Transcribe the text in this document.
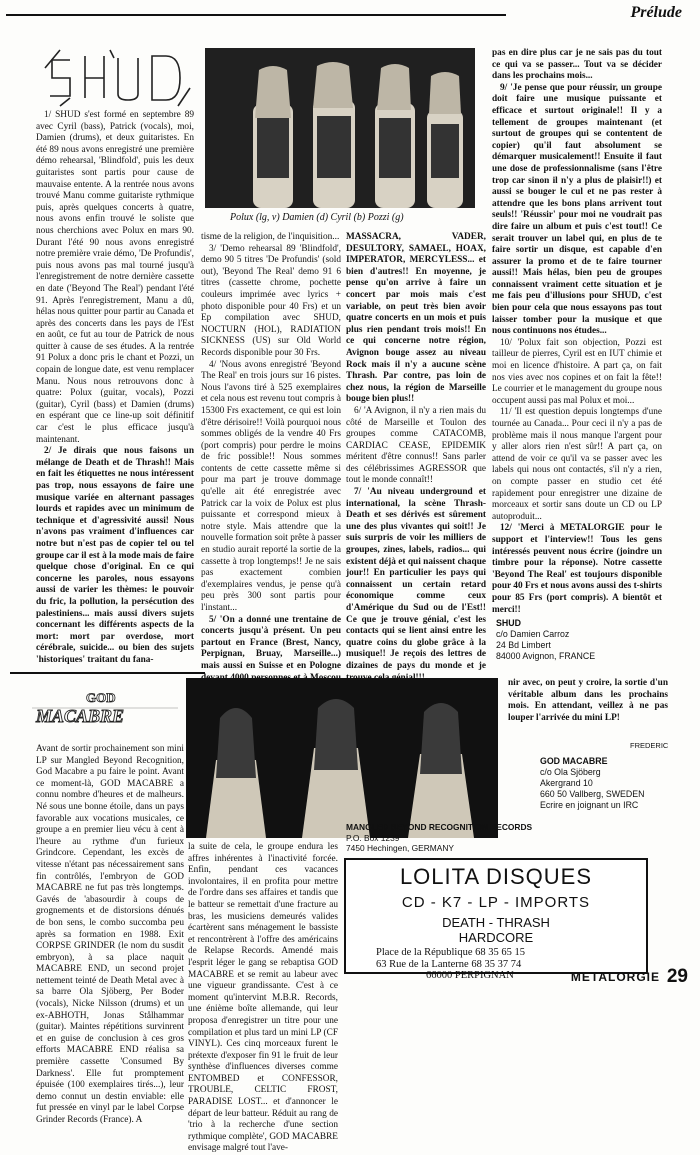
Prélude
Polux (lg, v) Damien (d) Cyril (b) Pozzi (g)

1/ SHUD s'est formé en septembre 89 avec Cyril (bass), Patrick (vocals), moi, Damien (drums), et deux guitaristes. En été 89 nous avons enregistré une première démo rehearsal, 'Blindfold', puis les deux guitaristes sont partis pour cause de mauvaise entente. A la rentrée nous avons trouvé Manu comme guitariste rythmique puis, après quelques concerts à quatre, nous avons enfin trouvé le soliste que nous cherchions avec Polux en mars 90. Durant l'été 90 nous avons enregistré notre première vraie démo, 'De Profundis', puis nous avons pas mal tourné jusqu'à l'enregistrement de notre dernière cassette en date ('Beyond The Real') pendant l'été 91. Après l'enregistrement, Manu a dû, hélas nous quitter pour partir au Canada et après des concerts dans les pays de l'Est en août, ce fut au tour de Patrick de nous quitter à cause de ses études. A la rentrée 91 Polux a donc pris le chant et Pozzi, un copain de longue date, est venu remplacer Manu. Nous nous retrouvons donc à quatre: Polux (guitar, vocals), Pozzi (guitar), Cyril (bass) et Damien (drums) en espérant que ce line-up soit définitif car c'est le plus efficace jusqu'à maintenant.

2/ Je dirais que nous faisons un mélange de Death et de Thrash!! Mais en fait les étiquettes ne nous intéressent pas trop, nous essayons de faire une musique variée en alternant passages lourds et rapides avec un minimum de technique et d'agressivité aussi! Nous n'avons pas vraiment d'influences car notre but n'est pas de copier tel ou tel groupe car il est à la mode mais de faire quelque chose d'original. En ce qui concerne les paroles, nous essayons aussi de varier les thèmes: le pouvoir du fric, la pollution, la persécution des palestiniens... mais aussi divers sujets concernant les différents aspects de la mort: mort par overdose, mort cérébrale, suicide... ou bien des sujets 'historiques' traitant du fana-

tisme de la religion, de l'inquisition...

3/ 'Demo rehearsal 89 'Blindfold', demo 90 5 titres 'De Profundis' (sold out), 'Beyond The Real' demo 91 6 titres (cassette chrome, pochette couleurs imprimée avec lyrics + photo disponible pour 40 Frs) et un Ep compilation avec SHUD, NOCTURN (HOL), RADIATION SICKNESS (US) sur Old World Records disponible pour 30 Frs.

4/ 'Nous avons enregistré 'Beyond The Real' en trois jours sur 16 pistes. Nous l'avons tiré à 525 exemplaires et cela nous est revenu tout compris à 15300 Frs exactement, ce qui est loin d'être dérisoire!! Voilà pourquoi nous sommes obligés de la vendre 40 Frs (port compris) pour perdre le moins de fric possible!! Nous sommes contents de cette cassette même si pour ma part je trouve dommage qu'elle ait été enregistrée avec Patrick car la voix de Polux est plus puissante et correspond mieux à notre style. Mais attendre que la nouvelle formation soit prête à passer en studio aurait reporté la sortie de la cassette à trop longtemps!! Je ne sais pas exactement combien d'exemplaires vendus, je pense qu'à peu près 300 sont partis pour l'instant...

5/ 'On a donné une trentaine de concerts jusqu'à présent. Un peu partout en France (Brest, Nancy, Perpignan, Bruay, Marseille...) mais aussi en Suisse et en Pologne

MASSACRA, VADER, DESULTORY, SAMAEL, HOAX, IMPERATOR, MERCYLESS... et bien d'autres!! En moyenne, je pense qu'on arrive à faire un concert par mois mais c'est variable, on peut très bien avoir quatre concerts en un mois et puis plus rien pendant trois mois!! En ce qui concerne notre région, Avignon bouge assez au niveau Rock mais il n'y a aucune scène Thrash. Par contre, pas loin de chez nous, la région de Marseille bouge bien plus!!

6/ 'A Avignon, il n'y a rien mais du côté de Marseille et Toulon des groupes comme CATACOMB, CARDIAC CEASE, EPIDEMIK méritent d'être connus!! Sans parler des célébrissimes AGRESSOR que tout le monde connaît!!

7/ 'Au niveau underground et international, la scène Thrash-Death et ses dérivés est sûrement une des plus vivantes qui soit!! Je suis surpris de voir les milliers de groupes, zines, labels, radios... qui existent déjà et qui naissent chaque jour!! En particulier les pays qui connaissent un certain retard économique comme ceux d'Amérique du Sud ou de l'Est!! Ce que je trouve génial, c'est les contacts qui se lient ainsi entre les quatre coins du globe grâce à la musique!! Je reçois des lettres de dizaines de pays du monde et je

pas en dire plus car je ne sais pas du tout ce qui va se passer... Tout va se décider dans les prochains mois...

9/ 'Je pense que pour réussir, un groupe doit faire une musique puissante et efficace et surtout originale!! Il y a tellement de groupes maintenant (et surtout de groupes qui se contentent de copier) qu'il faut absolument se démarquer musicalement!! Ensuite il faut une dose de professionnalisme (sans l'être trop car sinon il n'y a plus de plaisir!!) et aussi se bouger le cul et ne pas rester à attendre que les bons plans arrivent tout seuls!! 'Réussir' pour moi ne voudrait pas dire faire un album et puis c'est tout!! Ce serait trouver un label qui, en plus de te faire sortir un disque, est capable d'en assurer la promo et de te faire tourner aussi!! Mais hélas, bien peu de groupes connaissent vraiment cette situation et je me fais peu d'illusions pour SHUD, c'est bien pour cela que nous essayons pas tout laisser tomber pour la musique et que nous continuons nos études...

10/ 'Polux fait son objection, Pozzi est tailleur de pierres, Cyril est en IUT chimie et moi en licence d'histoire. A part ça, on fait nos vies avec nos copines et on fait la fête!! Le courrier et le management du groupe nous occupent aussi pas mal Polux et moi...

11/ 'Il est question depuis longtemps d'une tournée au Canada... Pour ceci il n'y a pas de problème mais il nous manque l'argent pour y aller alors rien n'est sûr!! A part ça, on attend de voir ce qu'il va se passer avec les labels qui nous ont contactés, s'il n'y a rien, on compte passer en studio cet été rapidement pour enregistrer une dizaine de morceaux et sortir sans doute un CD ou LP autoproduit...

12/ 'Merci à METALORGIE pour le support et l'interview!! Tous les gens intéressés peuvent nous écrire (joindre un timbre pour la réponse). Notre cassette 'Beyond The Real' est toujours disponible pour 40 Frs et nous avons aussi des t-shirts pour 85 Frs (port compris). A bientôt et merci!!

SHUD
c/o Damien Carroz
24 Bd Limbert
84000 Avignon, FRANCE
GOD
MACABRE

Avant de sortir prochainement son mini LP sur Mangled Beyond Recognition, God Macabre a pu faire le point. Avant ce moment-là, GOD MACABRE a connu nombre d'heures et de malheurs. Né sous une bonne étoile, dans un pays favorable aux vocations musicales, ce groupe a en premier lieu vécu à cent à l'heure au rythme d'un furieux Grindcore. Cependant, les excès de vitesse n'étant pas nécessairement sans fin contrôlés, l'embryon de GOD MACABRE ne fut pas très longtemps. Gavés de 'abasourdir à coups de grognements et de distorsions dénués de bon sens, le combo succomba peu après sa formation en 1988. Exit CORPSE GRINDER (le nom du susdit embryon), à sa place naquit MACABRE END, un second projet nettement teinté de Death Metal avec à sa barre Ola Sjöberg, Per Boder (vocals), Nicke Nilsson (drums) et un ex-ABHOTH, Jonas Stålhammar (guitar). Maintes répétitions survinrent et en guise de conclusion à ces gros efforts MACABRE END réalisa sa première cassette 'Consumed By Darkness'. Elle fut promptement épuisée (100 exemplaires tirés...), leur demo connut un destin enviable: elle fut pressée en vinyl par le label Corpse Grinder Records (France). A

la suite de cela, le groupe endura les affres inhérentes à l'inactivité forcée. Enfin, pendant ces vacances involontaires, il en profita pour mettre de l'ordre dans ses affaires et tandis que le batteur se remettait d'une fracture au bras, les musiciens demeurés valides écartèrent sans ménagement le bassiste et rencontrèrent à l'offre des américains de Relapse Records. Amendé mais l'esprit léger le gang se rebaptisa GOD MACABRE et se remit au labeur avec une vigueur grandissante. C'est à ce moment qu'intervint M.B.R. Records, une énième boîte allemande, qui leur proposa d'enregistrer un titre pour une compilation et plus tard un mini LP (CF VINYL). Ces cinq morceaux furent le prétexte d'exposer fin 91 le fruit de leur synthèse d'influences diverses comme ENTOMBED et CONFESSOR, TROUBLE, CELTIC FROST, PARADISE LOST... et d'annoncer le départ de leur batteur. Réduit au rang de 'trio à la recherche d'une section rythmique complète', GOD MACABRE envisage malgré tout l'ave-

nir avec, on peut y croire, la sortie d'un véritable album dans les prochains mois. En attendant, veillez à ne pas louper l'arrivée du mini LP!

FREDERIC
GOD MACABRE
c/o Ola Sjöberg
Akergrand 10
660 50 Vallberg, SWEDEN
Ecrire en joignant un IRC
MANGLED BEYOND RECOGNITION RECORDS
P.O. Box 1239
7450 Hechingen, GERMANY
LOLITA DISQUES
CD - K7 - LP - IMPORTS
DEATH - THRASH
HARDCORE
Place de la République 68 35 65 15
63 Rue de la Lanterne 68 35 37 74
66000 PERPIGNAN	METALORGIE 29
